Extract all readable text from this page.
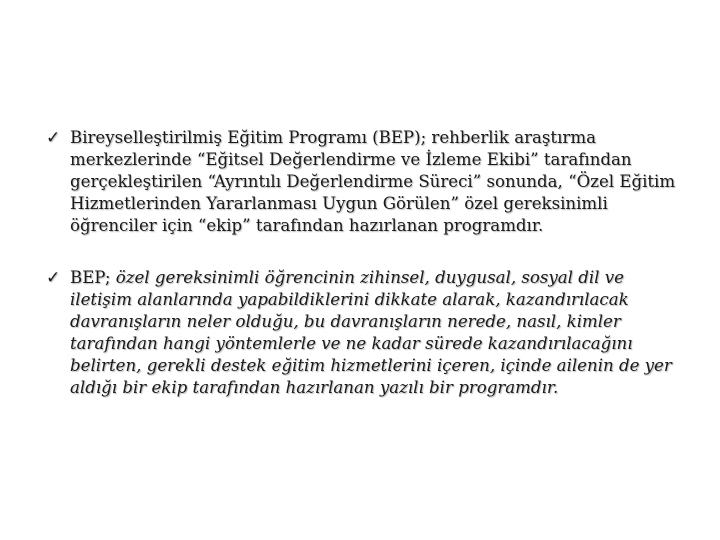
✓ Bireyselleştirilmiş Eğitim Programı (BEP); rehberlik araştırma merkezlerinde “Eğitsel Değerlendirme ve İzleme Ekibi” tarafından gerçekleştirilen “Ayrıntılı Değerlendirme Süreci” sonunda, “Özel Eğitim Hizmetlerinden Yararlanması Uygun Görülen” özel gereksinimli öğrenciler için “ekip” tarafından hazırlanan programdır.

✓ BEP; özel gereksinimli öğrencinin zihinsel, duygusal, sosyal dil ve iletişim alanlarında yapabildiklerini dikkate alarak, kazandırılacak davranışların neler olduğu, bu davranışların nerede, nasıl, kimler tarafından hangi yöntemlerle ve ne kadar sürede kazandırılacağını belirten, gerekli destek eğitim hizmetlerini içeren, içinde ailenin de yer aldığı bir ekip tarafından hazırlanan yazılı bir programdır.
